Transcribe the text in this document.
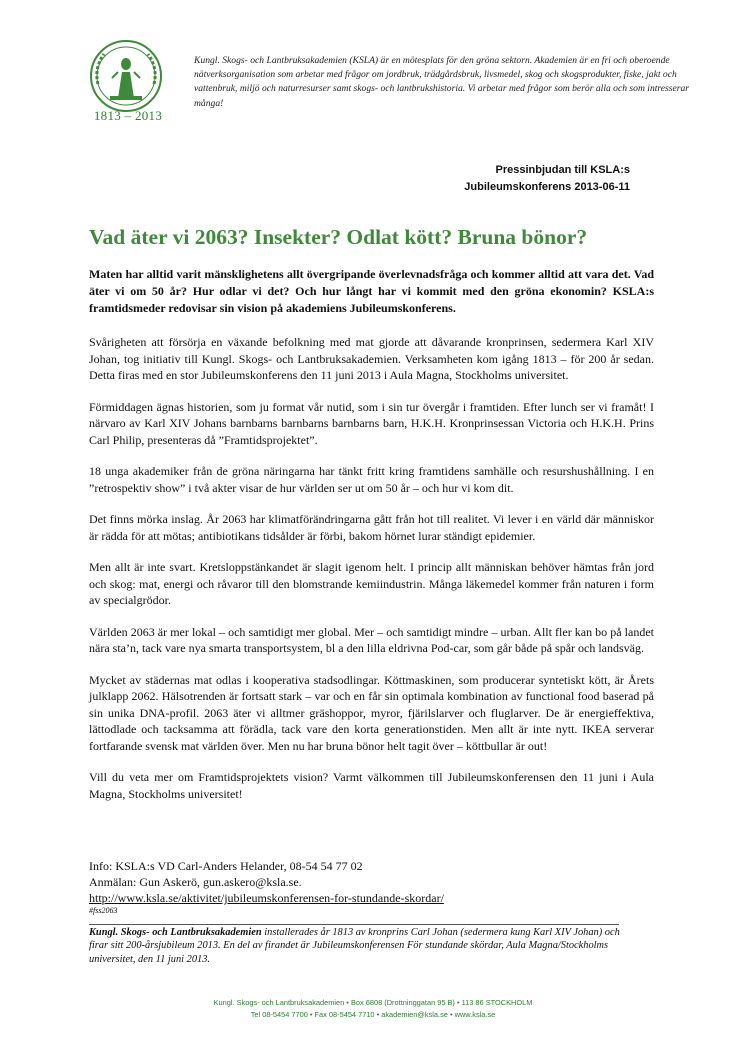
1813 – 2013
Kungl. Skogs- och Lantbruksakademien (KSLA) är en mötesplats för den gröna sektorn. Akademien är en fri och oberoende nätverksorganisation som arbetar med frågor om jordbruk, trädgårdsbruk, livsmedel, skog och skogsprodukter, fiske, jakt och vattenbruk, miljö och naturresurser samt skogs- och lantbrukshistoria. Vi arbetar med frågor som berör alla och som intresserar många!
Pressinbjudan till KSLA:s
Jubileumskonferens 2013-06-11
Vad äter vi 2063? Insekter? Odlat kött? Bruna bönor?
Maten har alltid varit mänsklighetens allt övergripande överlevnadsfråga och kommer alltid att vara det. Vad äter vi om 50 år? Hur odlar vi det? Och hur långt har vi kommit med den gröna ekonomin? KSLA:s framtidsmeder redovisar sin vision på akademiens Jubileumskonferens.

Svårigheten att försörja en växande befolkning med mat gjorde att dåvarande kronprinsen, sedermera Karl XIV Johan, tog initiativ till Kungl. Skogs- och Lantbruksakademien. Verksamheten kom igång 1813 – för 200 år sedan. Detta firas med en stor Jubileumskonferens den 11 juni 2013 i Aula Magna, Stockholms universitet.

Förmiddagen ägnas historien, som ju format vår nutid, som i sin tur övergår i framtiden. Efter lunch ser vi framåt! I närvaro av Karl XIV Johans barnbarns barnbarns barnbarns barn, H.K.H. Kronprinsessan Victoria och H.K.H. Prins Carl Philip, presenteras då ”Framtidsprojektet”.

18 unga akademiker från de gröna näringarna har tänkt fritt kring framtidens samhälle och resurshushållning. I en ”retrospektiv show” i två akter visar de hur världen ser ut om 50 år – och hur vi kom dit.

Det finns mörka inslag. År 2063 har klimatförändringarna gått från hot till realitet. Vi lever i en värld där människor är rädda för att mötas; antibiotikans tidsålder är förbi, bakom hörnet lurar ständigt epidemier.

Men allt är inte svart. Kretsloppstänkandet är slagit igenom helt. I princip allt människan behöver hämtas från jord och skog: mat, energi och råvaror till den blomstrande kemiindustrin. Många läkemedel kommer från naturen i form av specialgrödor.

Världen 2063 är mer lokal – och samtidigt mer global. Mer – och samtidigt mindre – urban. Allt fler kan bo på landet nära sta’n, tack vare nya smarta transportsystem, bl a den lilla eldrivna Pod-car, som går både på spår och landsväg.

Mycket av städernas mat odlas i kooperativa stadsodlingar. Köttmaskinen, som producerar syntetiskt kött, är Årets julklapp 2062. Hälsotrenden är fortsatt stark – var och en får sin optimala kombination av functional food baserad på sin unika DNA-profil. 2063 äter vi alltmer gräshoppor, myror, fjärilslarver och fluglarver. De är energieffektiva, lättodlade och tacksamma att förädla, tack vare den korta generationstiden. Men allt är inte nytt. IKEA serverar fortfarande svensk mat världen över. Men nu har bruna bönor helt tagit över – köttbullar är out!

Vill du veta mer om Framtidsprojektets vision? Varmt välkommen till Jubileumskonferensen den 11 juni i Aula Magna, Stockholms universitet!

Info: KSLA:s VD Carl-Anders Helander, 08-54 54 77 02
Anmälan: Gun Askerö, gun.askero@ksla.se.
http://www.ksla.se/aktivitet/jubileumskonferensen-for-stundande-skordar/
#fss2063
Kungl. Skogs- och Lantbruksakademien installerades år 1813 av kronprins Carl Johan (sedermera kung Karl XIV Johan) och firar sitt 200-årsjubileum 2013. En del av firandet är Jubileumskonferensen För stundande skördar, Aula Magna/Stockholms universitet, den 11 juni 2013.
Kungl. Skogs- och Lantbruksakademien • Box 6808 (Drottninggatan 95 B) • 113 86 STOCKHOLM
Tel 08-5454 7700 • Fax 08-5454 7710 • akademien@ksla.se • www.ksla.se
